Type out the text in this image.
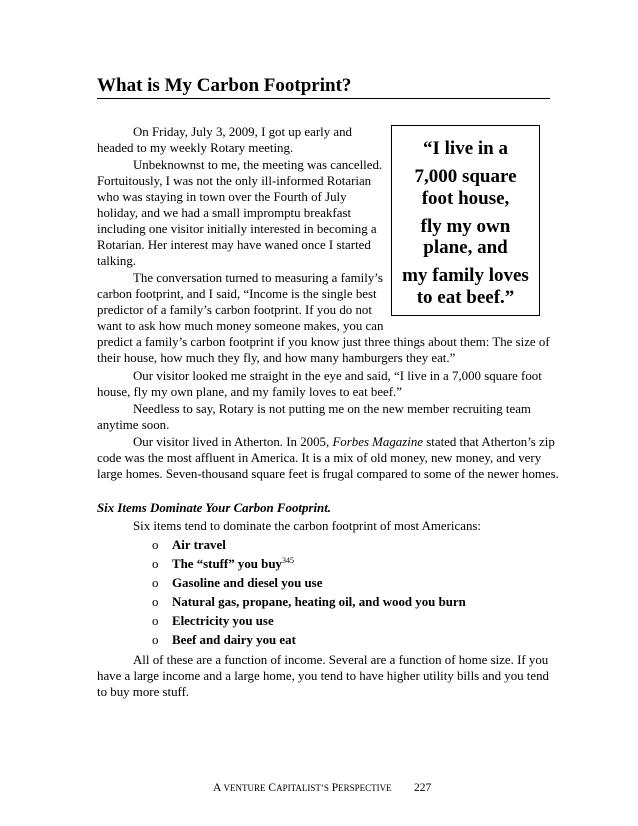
What is My Carbon Footprint?
“I live in a
7,000 square
foot house,
fly my own
plane, and
my family loves
to eat beef.”

On Friday, July 3, 2009, I got up early and

headed to my weekly Rotary meeting.

Unbeknownst to me, the meeting was cancelled.

Fortuitously, I was not the only ill-informed Rotarian

who was staying in town over the Fourth of July

holiday, and we had a small impromptu breakfast

including one visitor initially interested in becoming a

Rotarian. Her interest may have waned once I started

talking.

The conversation turned to measuring a family’s

carbon footprint, and I said, “Income is the single best

predictor of a family’s carbon footprint. If you do not

want to ask how much money someone makes, you can

predict a family’s carbon footprint if you know just three things about them: The size of

their house, how much they fly, and how many hamburgers they eat.”

Our visitor looked me straight in the eye and said, “I live in a 7,000 square foot

house, fly my own plane, and my family loves to eat beef.”

Needless to say, Rotary is not putting me on the new member recruiting team

anytime soon.

Our visitor lived in Atherton. In 2005, Forbes Magazine stated that Atherton’s zip

code was the most affluent in America. It is a mix of old money, new money, and very

large homes. Seven-thousand square feet is frugal compared to some of the newer homes.

Six Items Dominate Your Carbon Footprint.

Six items tend to dominate the carbon footprint of most Americans:

o Air travel
o The “stuff” you buy$^{345}$
o Gasoline and diesel you use
o Natural gas, propane, heating oil, and wood you burn
o Electricity you use
o Beef and dairy you eat

All of these are a function of income. Several are a function of home size. If you

have a large income and a large home, you tend to have higher utility bills and you tend

to buy more stuff.

A VENTURE CAPITALIST’S PERSPECTIVE 227
